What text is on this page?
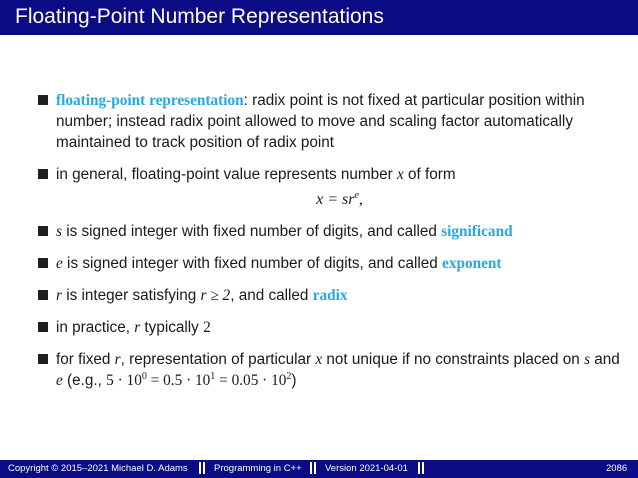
Floating-Point Number Representations
floating-point representation: radix point is not fixed at particular position within number; instead radix point allowed to move and scaling factor automatically maintained to track position of radix point
in general, floating-point value represents number x of form
$x = sr^e$,
s is signed integer with fixed number of digits, and called significand
e is signed integer with fixed number of digits, and called exponent
r is integer satisfying r ≥ 2, and called radix
in practice, r typically 2
for fixed r, representation of particular x not unique if no constraints placed on s and e (e.g., $5 \cdot 10^0 = 0.5 \cdot 10^1 = 0.05 \cdot 10^2$)
Copyright © 2015–2021 Michael D. Adams	Programming in C++ Version 2021-04-01	2086
